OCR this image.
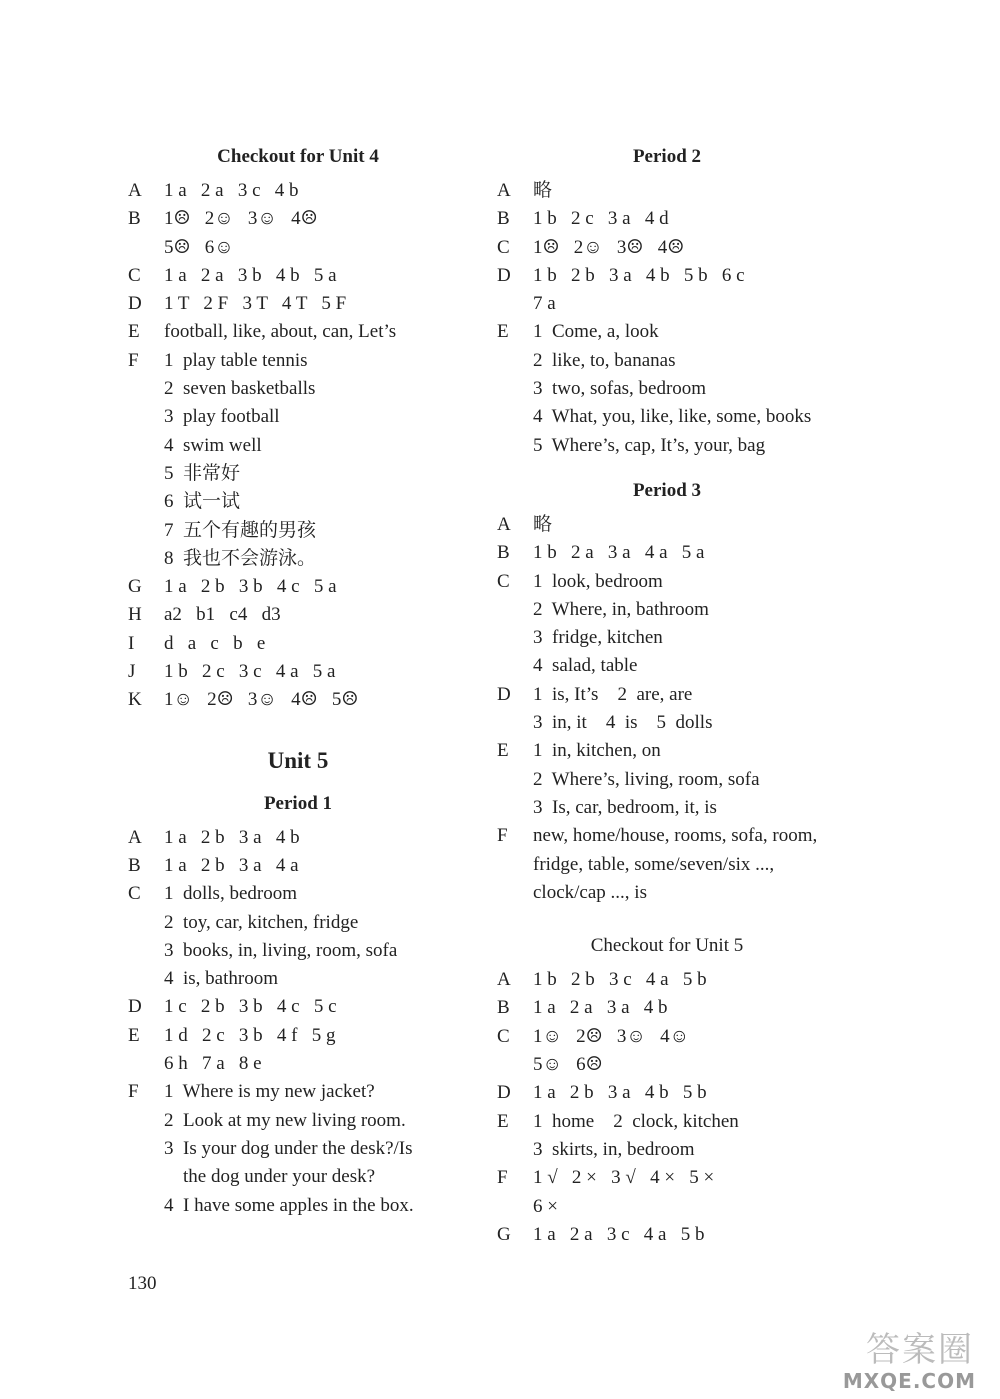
Checkout for Unit 4
A	1 a   2 a   3 c   4 b
B	1☹   2☺   3☺   4☹
5☹   6☺
C	1 a   2 a   3 b   4 b   5 a
D	1 T   2 F   3 T   4 T   5 F
E	football, like, about, can, Let’s
F	1  play table tennis
2  seven basketballs
3  play football
4  swim well
5  非常好
6  试一试
7  五个有趣的男孩
8  我也不会游泳。
G	1 a   2 b   3 b   4 c   5 a
H	a2   b1   c4   d3
I	d   a   c   b   e
J	1 b   2 c   3 c   4 a   5 a
K	1☺   2☹   3☺   4☹   5☹
Unit 5
Period 1
A	1 a   2 b   3 a   4 b
B	1 a   2 b   3 a   4 a
C	1  dolls, bedroom
2  toy, car, kitchen, fridge
3  books, in, living, room, sofa
4  is, bathroom
D	1 c   2 b   3 b   4 c   5 c
E	1 d   2 c   3 b   4 f   5 g
6 h   7 a   8 e
F	1  Where is my new jacket?
2  Look at my new living room.
3  Is your dog under the desk?/Is
the dog under your desk?
4  I have some apples in the box.
Period 2
A	略
B	1 b   2 c   3 a   4 d
C	1☹   2☺   3☹   4☹
D	1 b   2 b   3 a   4 b   5 b   6 c
7 a
E	1  Come, a, look
2  like, to, bananas
3  two, sofas, bedroom
4  What, you, like, like, some, books
5  Where’s, cap, It’s, your, bag
Period 3
A	略
B	1 b   2 a   3 a   4 a   5 a
C	1  look, bedroom
2  Where, in, bathroom
3  fridge, kitchen
4  salad, table
D	1  is, It’s    2  are, are
3  in, it    4  is    5  dolls
E	1  in, kitchen, on
2  Where’s, living, room, sofa
3  Is, car, bedroom, it, is
F	new, home/house, rooms, sofa, room,
fridge, table, some/seven/six ...,
clock/cap ..., is
Checkout for Unit 5
A	1 b   2 b   3 c   4 a   5 b
B	1 a   2 a   3 a   4 b
C	1☺   2☹   3☺   4☺
5☺   6☹
D	1 a   2 b   3 a   4 b   5 b
E	1  home    2  clock, kitchen
3  skirts, in, bedroom
F	1 √   2 ×   3 √   4 ×   5 ×
6 ×
G	1 a   2 a   3 c   4 a   5 b
130
答案圈
MXQE.COM
